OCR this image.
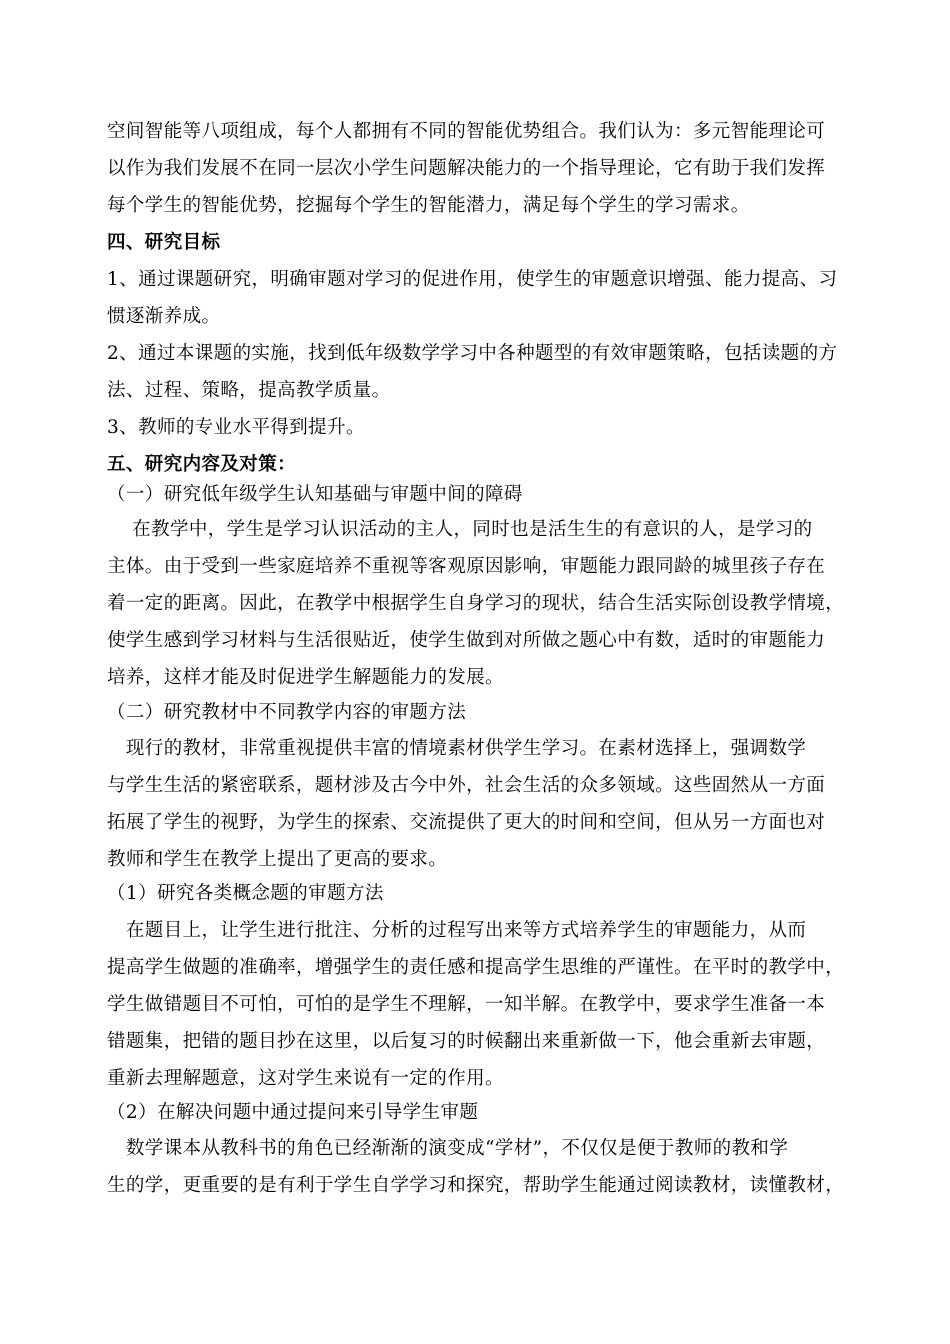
空间智能等八项组成，每个人都拥有不同的智能优势组合。我们认为：多元智能理论可
以作为我们发展不在同一层次小学生问题解决能力的一个指导理论，它有助于我们发挥
每个学生的智能优势，挖掘每个学生的智能潜力，满足每个学生的学习需求。
四、研究目标
1、通过课题研究，明确审题对学习的促进作用，使学生的审题意识增强、能力提高、习
惯逐渐养成。
2、通过本课题的实施，找到低年级数学学习中各种题型的有效审题策略，包括读题的方
法、过程、策略，提高教学质量。
3、教师的专业水平得到提升。
五、研究内容及对策：
（一）研究低年级学生认知基础与审题中间的障碍
　 在教学中，学生是学习认识活动的主人，同时也是活生生的有意识的人，是学习的
主体。由于受到一些家庭培养不重视等客观原因影响，审题能力跟同龄的城里孩子存在
着一定的距离。因此，在教学中根据学生自身学习的现状，结合生活实际创设教学情境，
使学生感到学习材料与生活很贴近，使学生做到对所做之题心中有数，适时的审题能力
培养，这样才能及时促进学生解题能力的发展。
（二）研究教材中不同教学内容的审题方法
　现行的教材，非常重视提供丰富的情境素材供学生学习。在素材选择上，强调数学
与学生生活的紧密联系，题材涉及古今中外，社会生活的众多领域。这些固然从一方面
拓展了学生的视野，为学生的探索、交流提供了更大的时间和空间，但从另一方面也对
教师和学生在教学上提出了更高的要求。
（1）研究各类概念题的审题方法
　在题目上，让学生进行批注、分析的过程写出来等方式培养学生的审题能力，从而
提高学生做题的准确率，增强学生的责任感和提高学生思维的严谨性。在平时的教学中，
学生做错题目不可怕，可怕的是学生不理解，一知半解。在教学中，要求学生准备一本
错题集，把错的题目抄在这里，以后复习的时候翻出来重新做一下，他会重新去审题，
重新去理解题意，这对学生来说有一定的作用。
（2）在解决问题中通过提问来引导学生审题
　数学课本从教科书的角色已经渐渐的演变成“学材”，不仅仅是便于教师的教和学
生的学，更重要的是有利于学生自学学习和探究，帮助学生能通过阅读教材，读懂教材，
